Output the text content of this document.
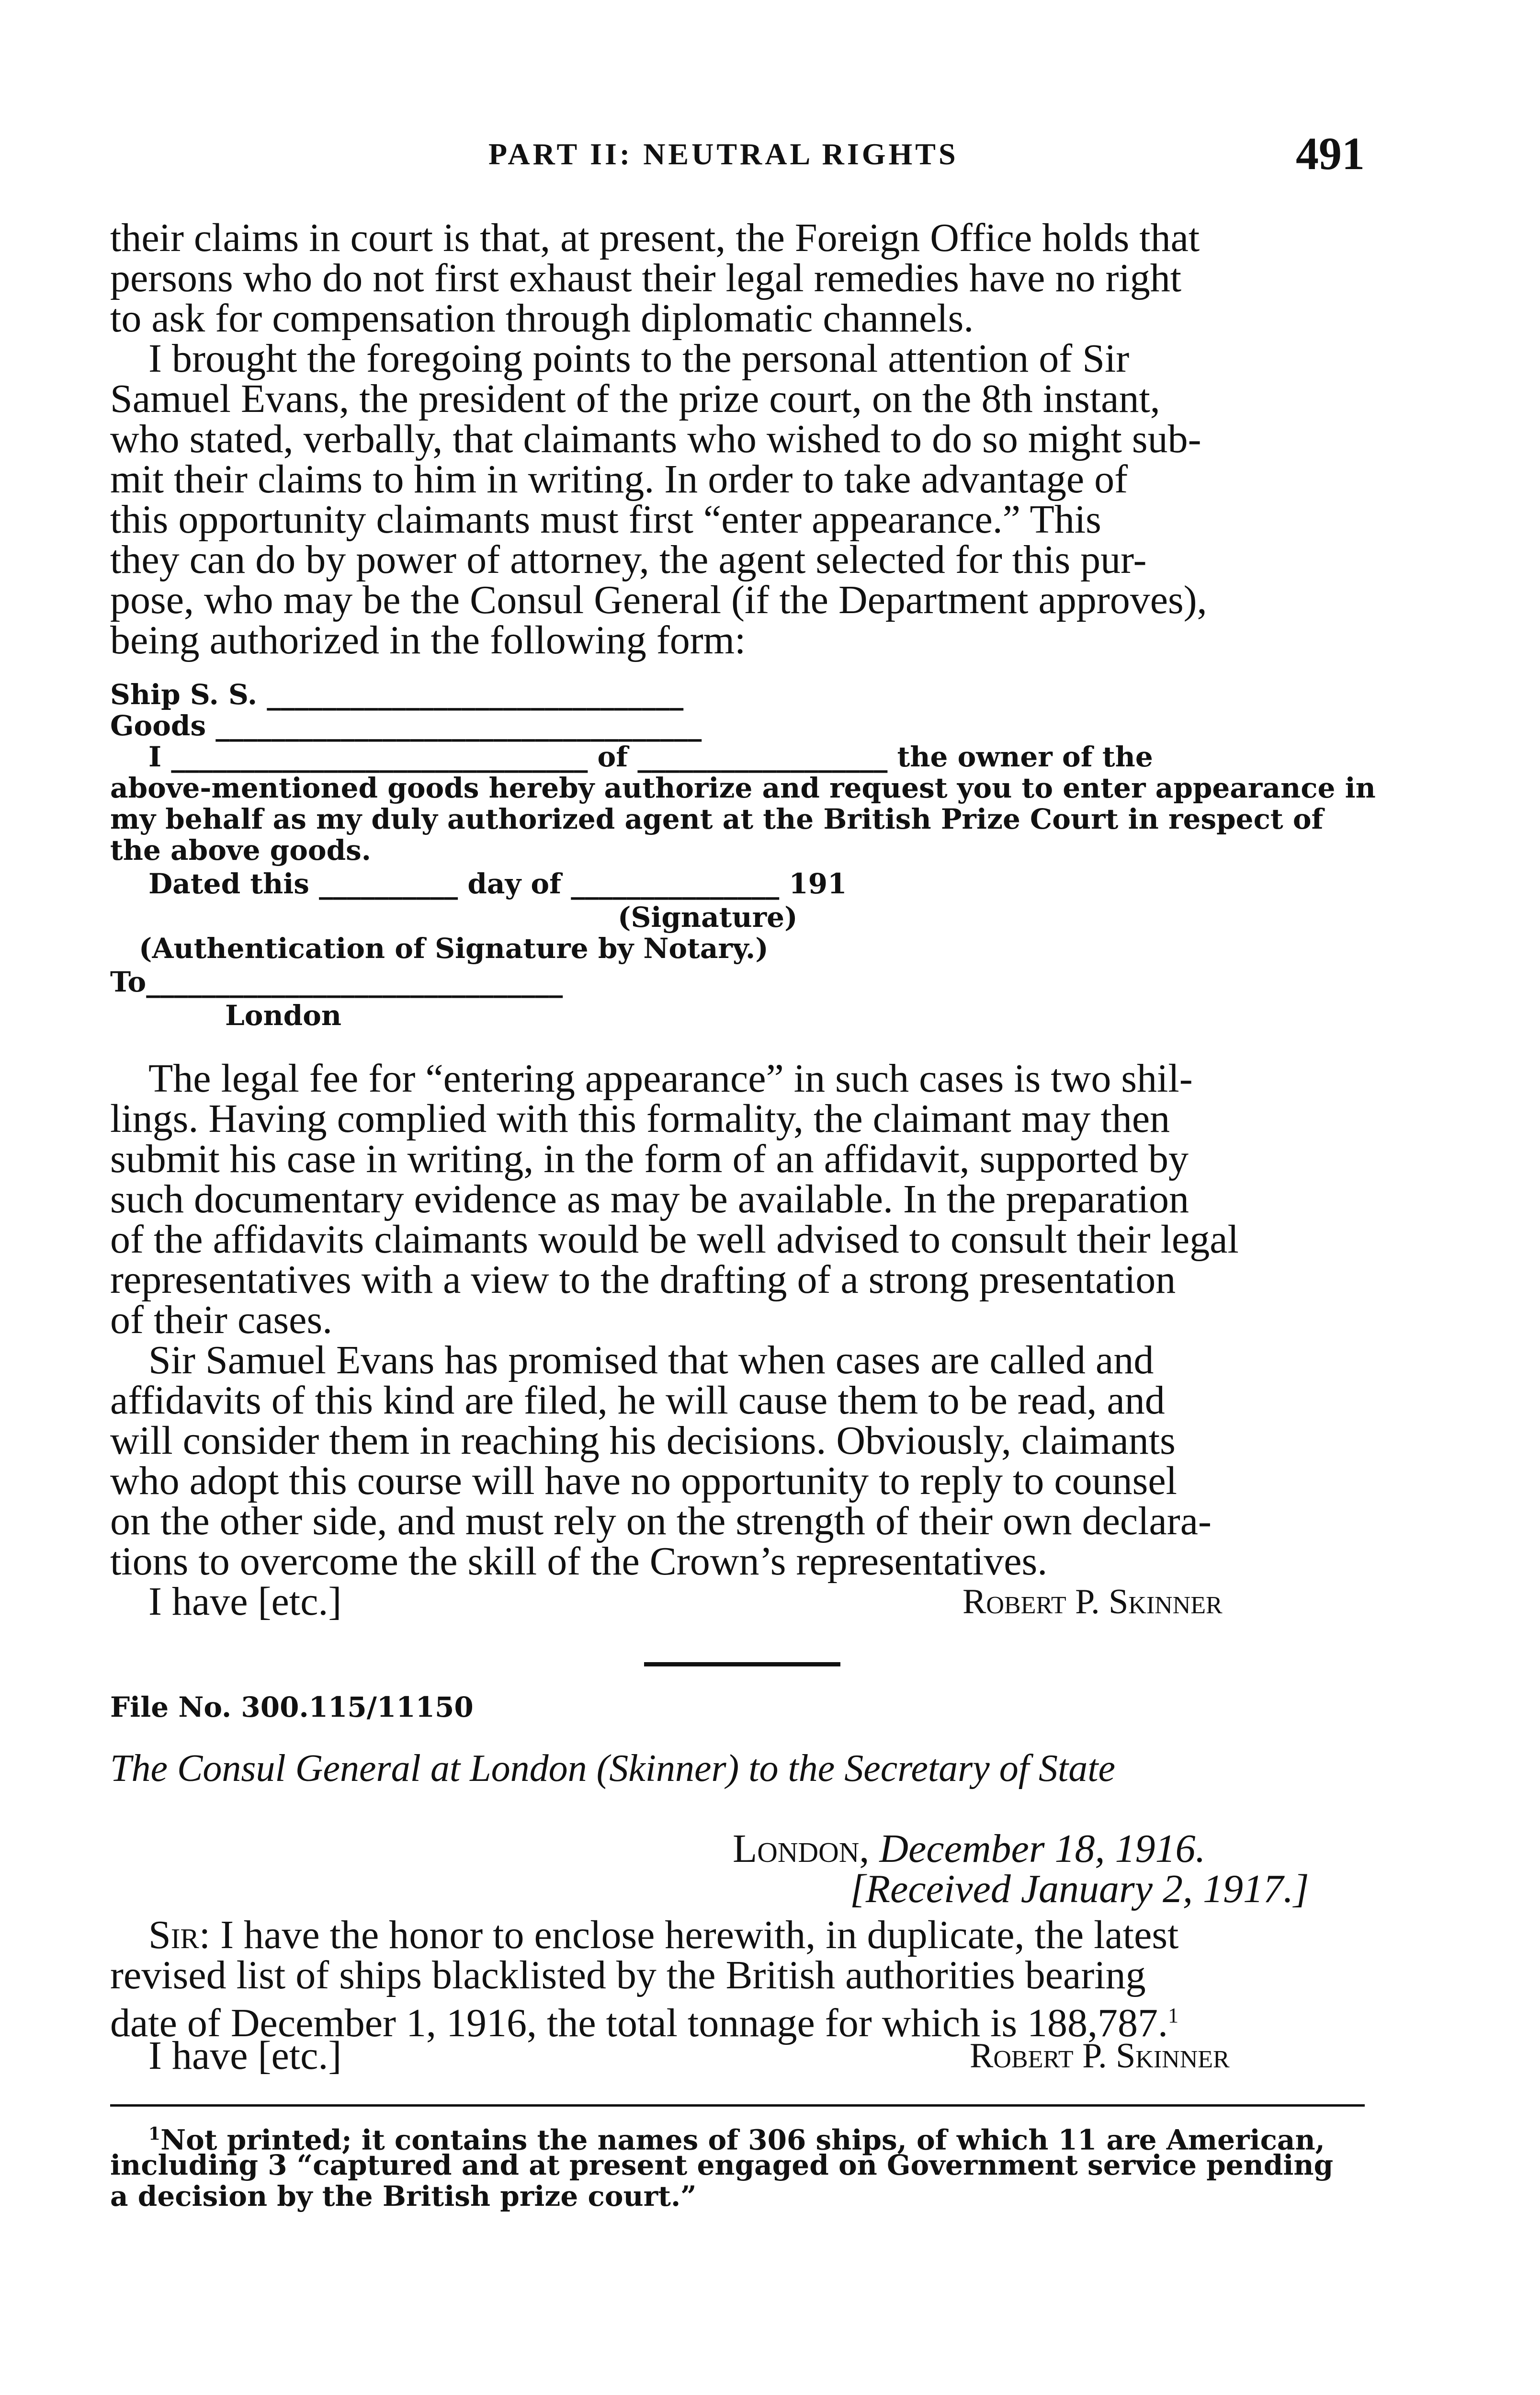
PART II: NEUTRAL RIGHTS	491
their claims in court is that, at present, the Foreign Office holds that
persons who do not first exhaust their legal remedies have no right
to ask for compensation through diplomatic channels.
I brought the foregoing points to the personal attention of Sir
Samuel Evans, the president of the prize court, on the 8th instant,
who stated, verbally, that claimants who wished to do so might sub-
mit their claims to him in writing. In order to take advantage of
this opportunity claimants must first “enter appearance.” This
they can do by power of attorney, the agent selected for this pur-
pose, who may be the Consul General (if the Department approves),
being authorized in the following form:
Ship S. S. ______________________________
Goods ___________________________________
I ______________________________ of __________________ the owner of the
above-mentioned goods hereby authorize and request you to enter appearance in
my behalf as my duly authorized agent at the British Prize Court in respect of
the above goods.
Dated this __________ day of _______________ 191
(Signature)
(Authentication of Signature by Notary.)
To______________________________
London
The legal fee for “entering appearance” in such cases is two shil-
lings. Having complied with this formality, the claimant may then
submit his case in writing, in the form of an affidavit, supported by
such documentary evidence as may be available. In the preparation
of the affidavits claimants would be well advised to consult their legal
representatives with a view to the drafting of a strong presentation
of their cases.
Sir Samuel Evans has promised that when cases are called and
affidavits of this kind are filed, he will cause them to be read, and
will consider them in reaching his decisions. Obviously, claimants
who adopt this course will have no opportunity to reply to counsel
on the other side, and must rely on the strength of their own declara-
tions to overcome the skill of the Crown’s representatives.
I have [etc.]	Robert P. Skinner
File No. 300.115/11150
The Consul General at London (Skinner) to the Secretary of State
London, December 18, 1916.
[Received January 2, 1917.]
Sir: I have the honor to enclose herewith, in duplicate, the latest
revised list of ships blacklisted by the British authorities bearing
date of December 1, 1916, the total tonnage for which is 188,787.$^1$
I have [etc.]	Robert P. Skinner
$^1$Not printed; it contains the names of 306 ships, of which 11 are American,
including 3 “captured and at present engaged on Government service pending
a decision by the British prize court.”
